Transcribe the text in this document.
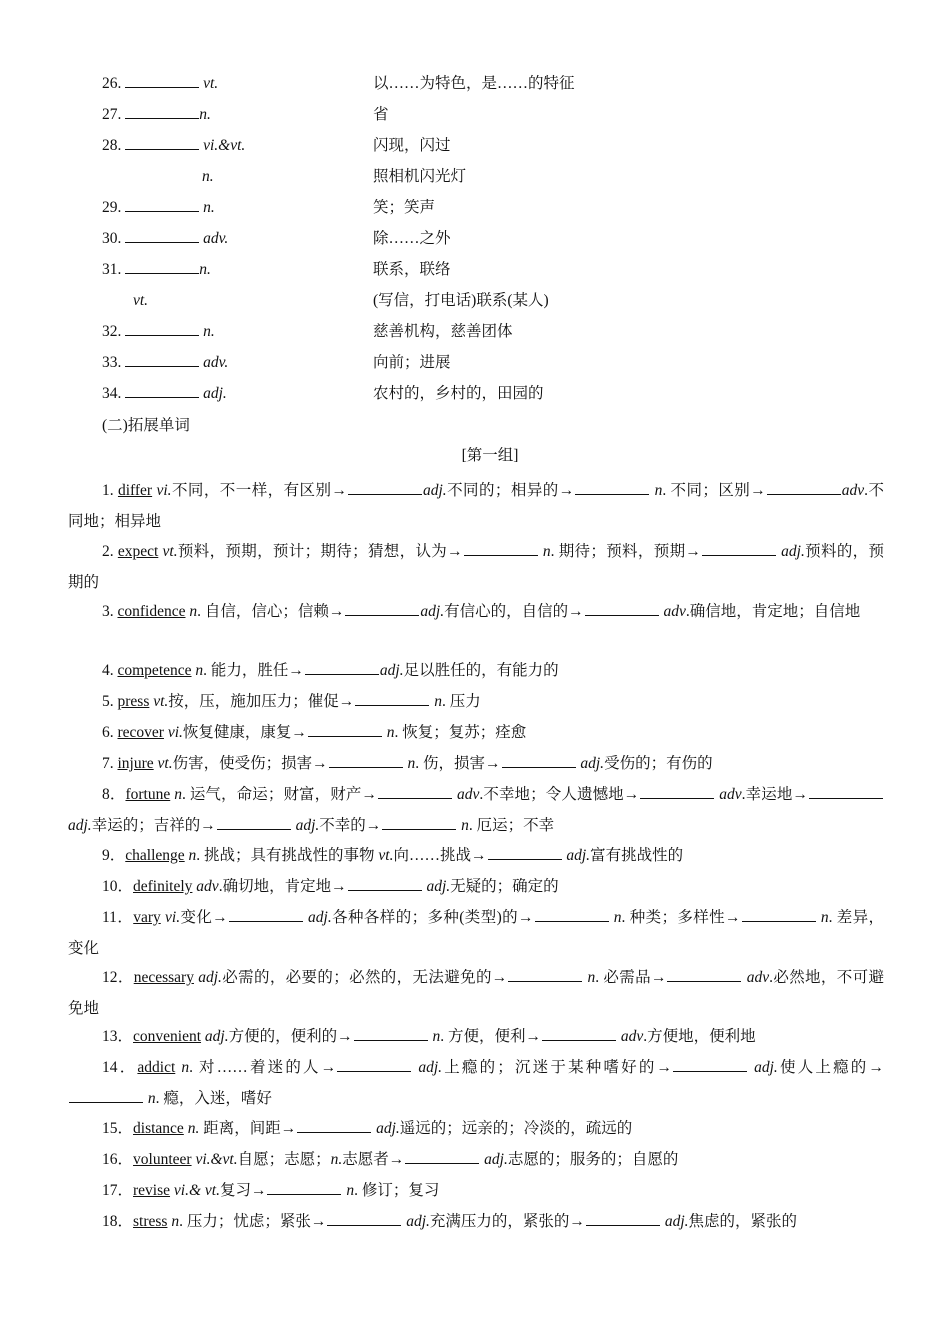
26.	vt.	以……为特色，是……的特征
27.	n.	省
28.	vi.&vt.	闪现，闪过
n.	照相机闪光灯
29.	n.	笑；笑声
30.	adv.	除……之外
31.	n.	联系，联络
vt.	(写信，打电话)联系(某人)
32.	n.	慈善机构，慈善团体
33.	adv.	向前；进展
34.	adj.	农村的，乡村的，田园的
(二)拓展单词
[第一组]
1. differ vi.不同，不一样，有区别→	adj.不同的；相异的→	n. 不同；区别→	adv.不同地；相异地
2. expect vt.预料，预期，预计；期待；猜想，认为→	n. 期待；预料，预期→	adj.预料的，预期的
3. confidence n. 自信，信心；信赖→	adj.有信心的，自信的→	adv.确信地，肯定地；自信地
4. competence n. 能力，胜任→	adj.足以胜任的，有能力的
5. press vt.按，压，施加压力；催促→	n. 压力
6. recover vi.恢复健康，康复→	n. 恢复；复苏；痊愈
7. injure vt.伤害，使受伤；损害→	n. 伤，损害→	adj.受伤的；有伤的
8．fortune n. 运气，命运；财富，财产→	adv.不幸地；令人遗憾地→	adv.幸运地→adj.幸运的；吉祥的→	adj.不幸的→	n. 厄运；不幸
9．challenge n. 挑战；具有挑战性的事物 vt.向……挑战→	adj.富有挑战性的
10．definitely adv.确切地，肯定地→	adj.无疑的；确定的
11．vary vi.变化→	adj.各种各样的；多种(类型)的→	n. 种类；多样性→	n. 差异，变化
12．necessary adj.必需的，必要的；必然的，无法避免的→	n. 必需品→	adv.必然地，不可避免地
13．convenient adj.方便的，便利的→	n. 方便，便利→	adv.方便地，便利地
14．addict n. 对……着迷的人→	adj.上瘾的；沉迷于某种嗜好的→	adj.使人上瘾的→ n. 瘾，入迷，嗜好
15．distance n. 距离，间距→	adj.遥远的；远亲的；冷淡的，疏远的
16．volunteer vi.&vt.自愿；志愿；n.志愿者→	adj.志愿的；服务的；自愿的
17．revise vi.& vt.复习→	n. 修订；复习
18．stress n. 压力；忧虑；紧张→	adj.充满压力的，紧张的→	adj.焦虑的，紧张的
